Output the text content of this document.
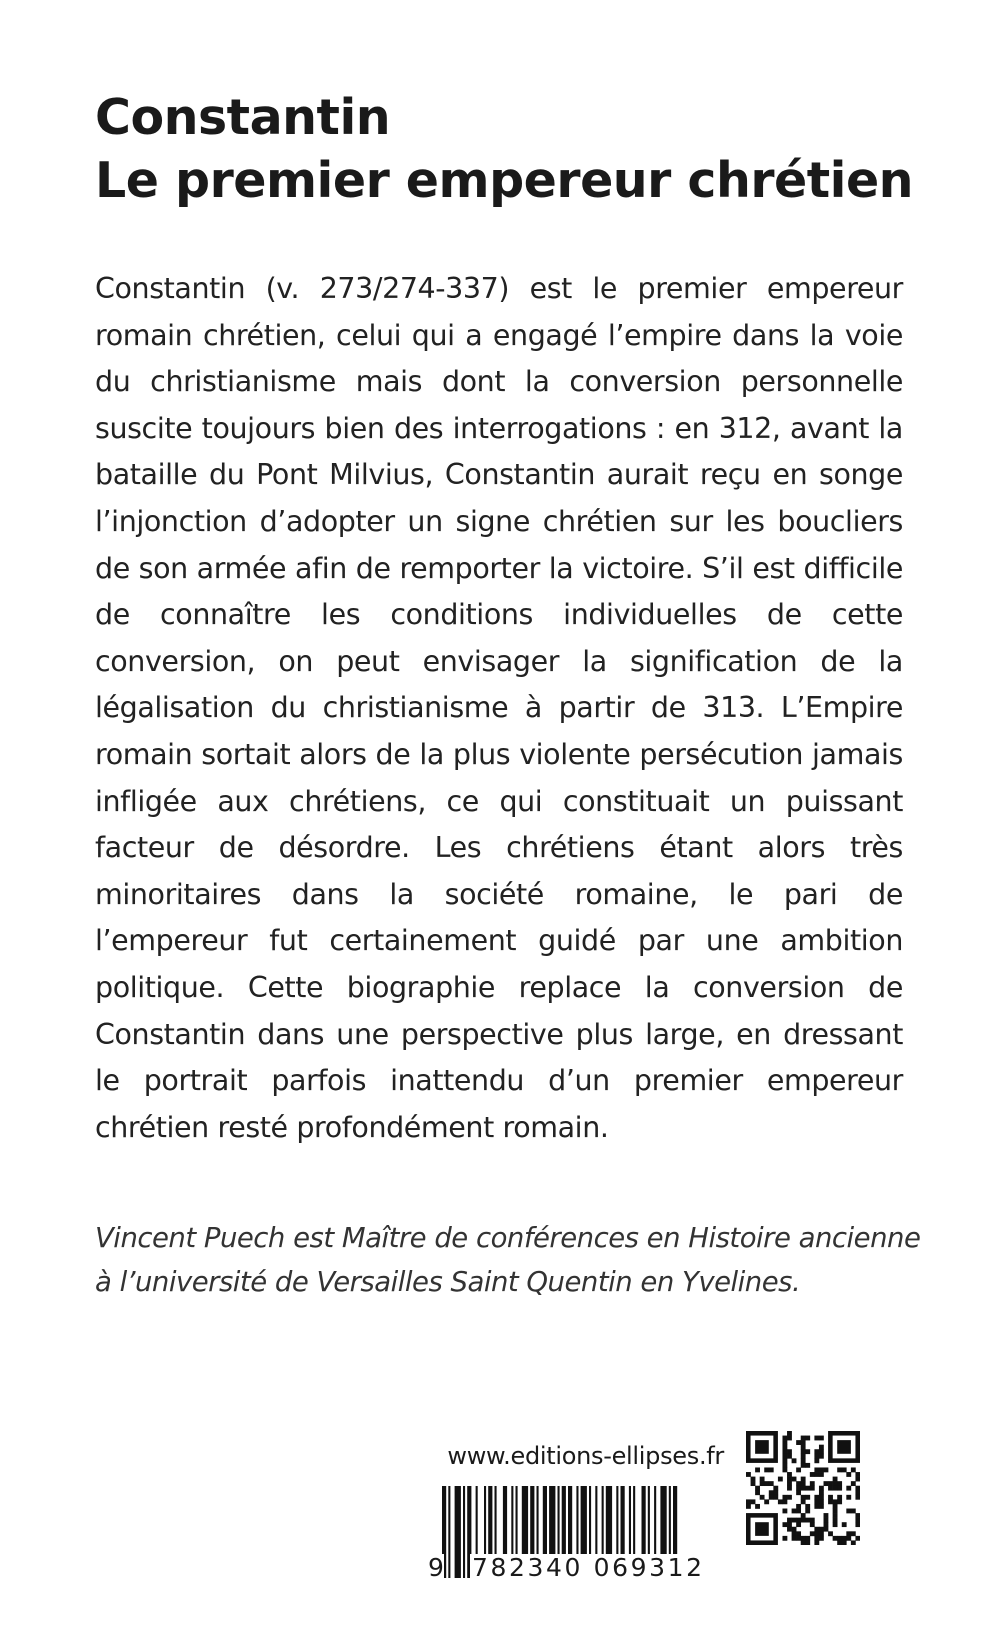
Constantin
Le premier empereur chrétien

Constantin (v. 273/274-337) est le premier empereur romain chrétien, celui qui a engagé l’empire dans la voie du christianisme mais dont la conversion personnelle suscite toujours bien des interrogations : en 312, avant la bataille du Pont Milvius, Constantin aurait reçu en songe l’injonction d’adopter un signe chrétien sur les boucliers de son armée afin de remporter la victoire. S’il est difficile de connaître les conditions individuelles de cette conversion, on peut envisager la signification de la légalisation du christianisme à partir de 313. L’Empire romain sortait alors de la plus violente persécution jamais infligée aux chrétiens, ce qui constituait un puissant facteur de désordre. Les chrétiens étant alors très minoritaires dans la société romaine, le pari de l’empereur fut certainement guidé par une ambition politique. Cette biographie replace la conversion de Constantin dans une perspective plus large, en dressant le portrait parfois inattendu d’un premier empereur chrétien resté profondément romain.

Vincent Puech est Maître de conférences en Histoire ancienne à l’université de Versailles Saint Quentin en Yvelines.

www.editions-ellipses.fr
9 782340 069312
